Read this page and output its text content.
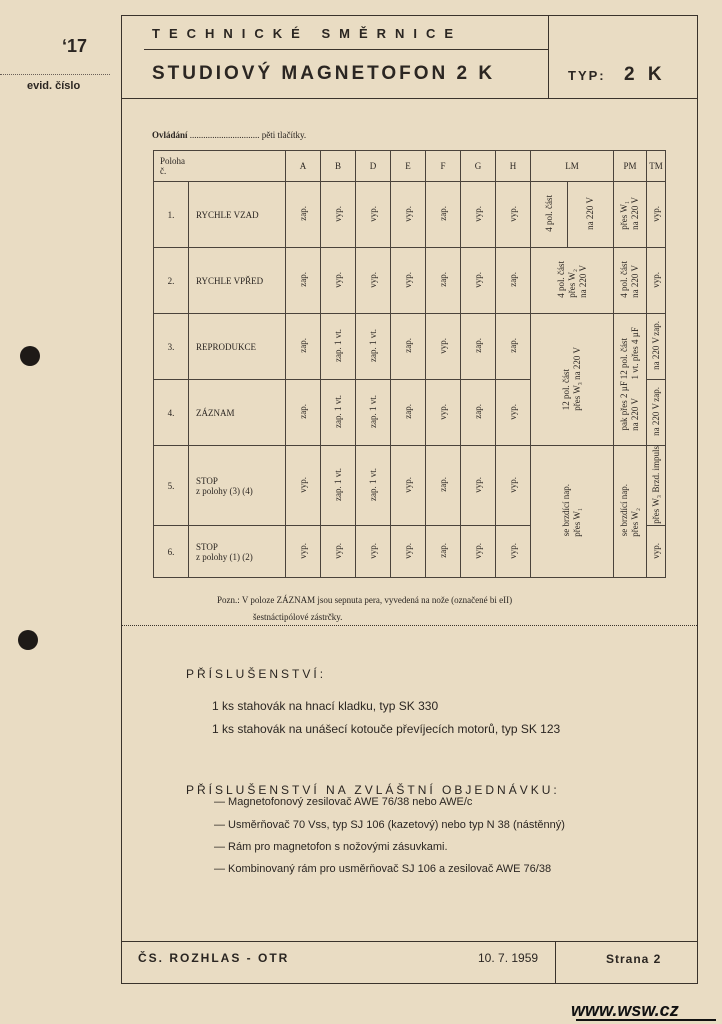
ʻ17
evid. číslo
TECHNICKÉ SMĚRNICE
STUDIOVÝ MAGNETOFON 2 K	TYP: 2 K
Ovládání ............................... pěti tlačítky.
Poloha č.		A	B	D	E	F	G	H	LM		PM	TM
1.	RYCHLE VZAD	zap.	vyp.	vyp.	vyp.	zap.	vyp.	vyp.	4 pol. část	na 220 V	přes W₁na 220 V	vyp.
2.	RYCHLE VPŘED	zap.	vyp.	vyp.	vyp.	zap.	vyp.	zap.	4 pol. částpřes W₂na 220 V		4 pol. částna 220 V	vyp.
3.	REPRODUKCE	zap.	zap. 1 vt.	zap. 1 vt.	zap.	vyp.	zap.	zap.	12 pol. částpřes W₃ na 220 V		12 pol. část1 vt. přes 4 µFpak přes 2 µFna 220 V	zap.na 220 V
4.	ZÁZNAM	zap.	zap. 1 vt.	zap. 1 vt.	zap.	vyp.	zap.	vyp.				zap.na 220 V
5.	STOP
z polohy (3) (4)	vyp.	zap. 1 vt.	zap. 1 vt.	vyp.	zap.	vyp.	vyp.	se brzdící nap.přes W₁		se brzdící nap.přes W₂	Brzd. impulspřes W₃
6.	STOP
z polohy (1) (2)	vyp.	vyp.	vyp.	vyp.	zap.	vyp.	vyp.				vyp.
Pozn.: V poloze ZÁZNAM jsou sepnuta pera, vyvedená na nože (označené bi eII)
šestnáctipólové zástrčky.
PŘÍSLUŠENSTVÍ:
1 ks stahovák na hnací kladku, typ SK 330
1 ks stahovák na unášecí kotouče převíjecích motorů, typ SK 123
PŘÍSLUŠENSTVÍ NA ZVLÁŠTNÍ OBJEDNÁVKU:
— Magnetofonový zesilovač AWE 76/38 nebo AWE/c
— Usměrňovač 70 Vss, typ SJ 106 (kazetový) nebo typ N 38 (nástěnný)
— Rám pro magnetofon s nožovými zásuvkami.
— Kombinovaný rám pro usměrňovač SJ 106 a zesilovač AWE 76/38
ČS. ROZHLAS - OTR	10. 7. 1959	Strana 2
www.wsw.cz
